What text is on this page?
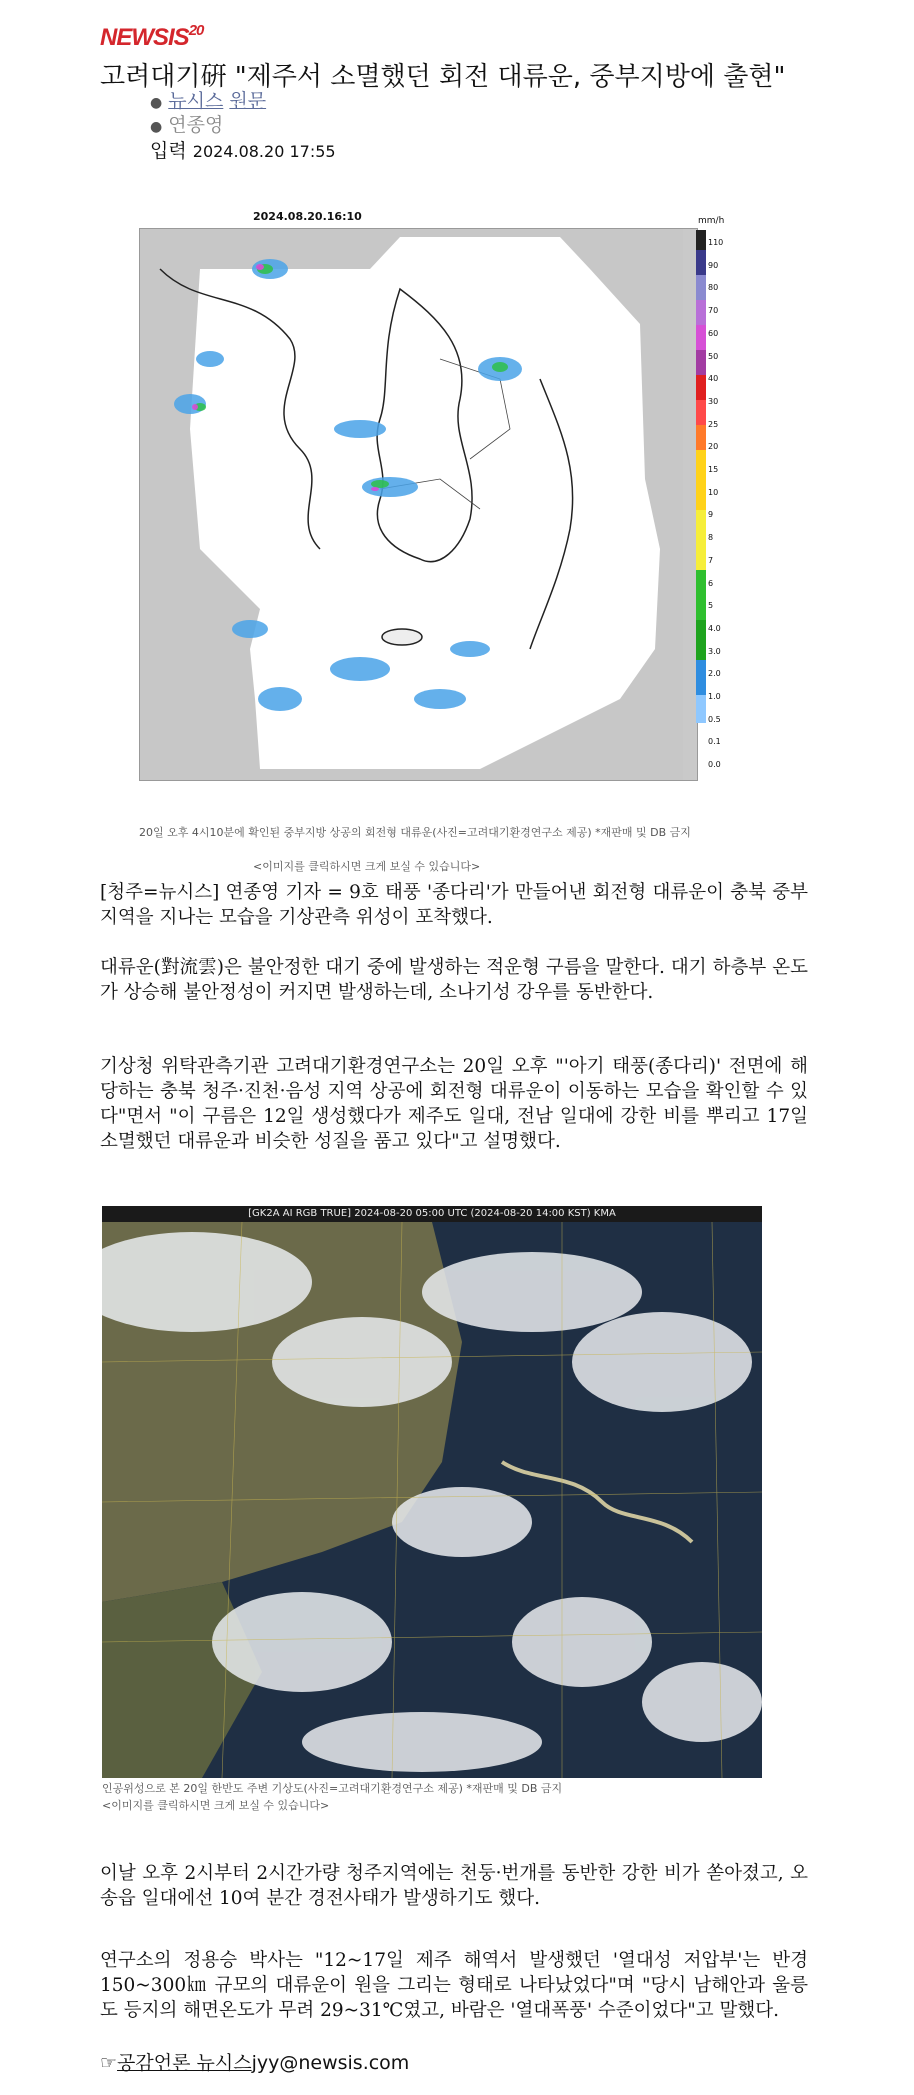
NEWSIS$^{20}$
고려대기硏 "제주서 소멸했던 회전 대류운, 중부지방에 출현"
● 뉴시스 원문
● 연종영
입력 2024.08.20 17:55
2024.08.20.16:10	mm/h
110
90
80
70
60
50
40
30
25
20
15
10
9
8
7
6
5
4.0
3.0
2.0
1.0
0.5
0.1
0.0
<이미지를 클릭하시면 크게 보실 수 있습니다>
20일 오후 4시10분에 확인된 중부지방 상공의 회전형 대류운(사진=고려대기환경연구소 제공) *재판매 및 DB 금지
[청주=뉴시스] 연종영 기자 = 9호 태풍 '종다리'가 만들어낸 회전형 대류운이 충북 중부지역을 지나는 모습을 기상관측 위성이 포착했다.
대류운(對流雲)은 불안정한 대기 중에 발생하는 적운형 구름을 말한다. 대기 하층부 온도가 상승해 불안정성이 커지면 발생하는데, 소나기성 강우를 동반한다.
기상청 위탁관측기관 고려대기환경연구소는 20일 오후 "'아기 태풍(종다리)' 전면에 해당하는 충북 청주·진천·음성 지역 상공에 회전형 대류운이 이동하는 모습을 확인할 수 있다"면서 "이 구름은 12일 생성했다가 제주도 일대, 전남 일대에 강한 비를 뿌리고 17일 소멸했던 대류운과 비슷한 성질을 품고 있다"고 설명했다.
[GK2A AI RGB TRUE] 2024-08-20 05:00 UTC (2024-08-20 14:00 KST) KMA
인공위성으로 본 20일 한반도 주변 기상도(사진=고려대기환경연구소 제공) *재판매 및 DB 금지
<이미지를 클릭하시면 크게 보실 수 있습니다>
이날 오후 2시부터 2시간가량 청주지역에는 천둥·번개를 동반한 강한 비가 쏟아졌고, 오송읍 일대에선 10여 분간 경전사태가 발생하기도 했다.
연구소의 정용승 박사는 "12~17일 제주 해역서 발생했던 '열대성 저압부'는 반경 150~300㎞ 규모의 대류운이 원을 그리는 형태로 나타났었다"며 "당시 남해안과 울릉도 등지의 해면온도가 무려 29~31℃였고, 바람은 '열대폭풍' 수준이었다"고 말했다.
☞공감언론 뉴시스jyy@newsis.com
